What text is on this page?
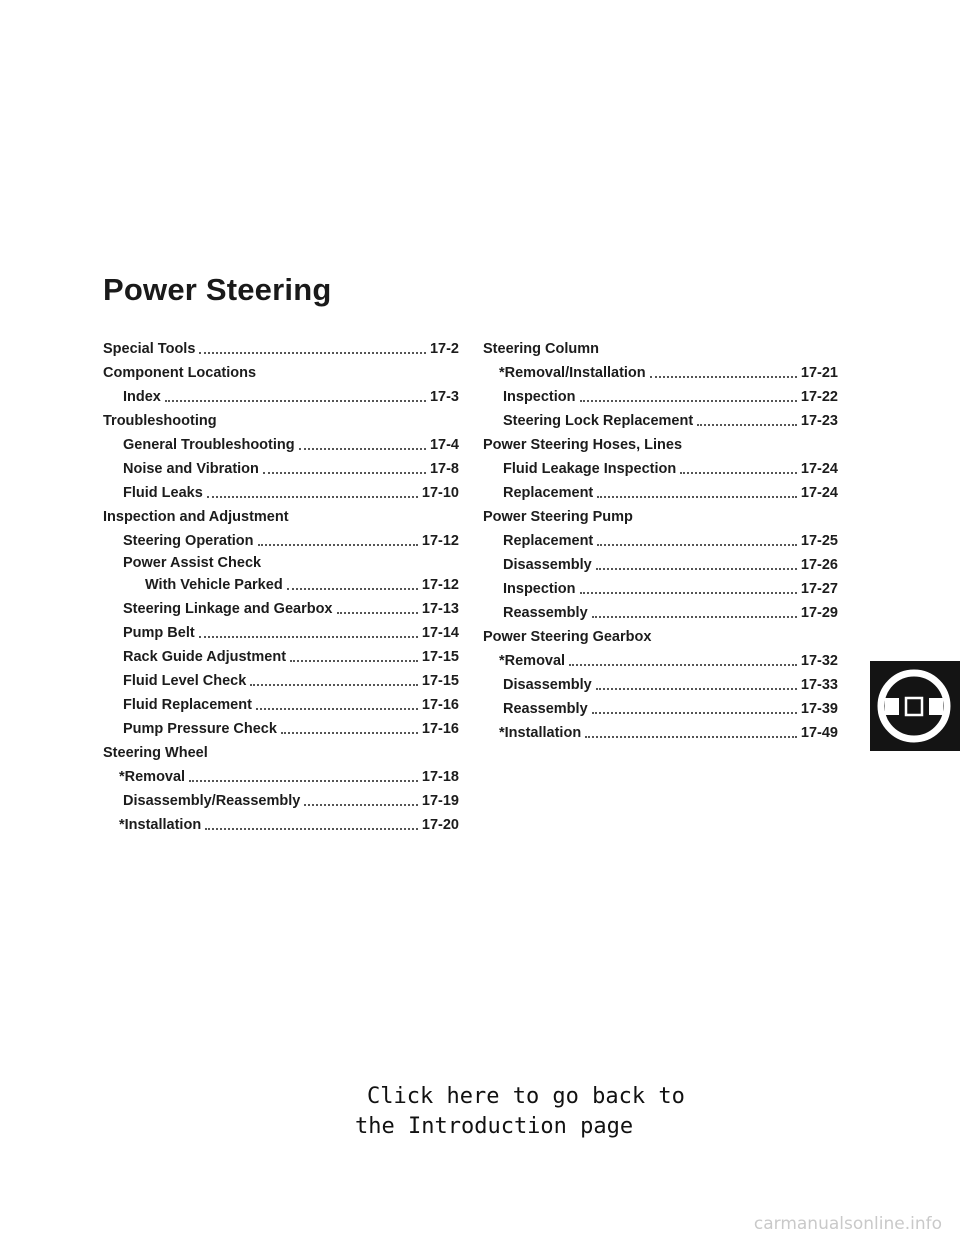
Power Steering
Special Tools	17-2
Component Locations
Index	17-3
Troubleshooting
General Troubleshooting	17-4
Noise and Vibration	17-8
Fluid Leaks	17-10
Inspection and Adjustment
Steering Operation	17-12
Power Assist Check
With Vehicle Parked	17-12
Steering Linkage and Gearbox	17-13
Pump Belt	17-14
Rack Guide Adjustment	17-15
Fluid Level Check	17-15
Fluid Replacement	17-16
Pump Pressure Check	17-16
Steering Wheel
*Removal	17-18
Disassembly/Reassembly	17-19
*Installation	17-20
Steering Column
*Removal/Installation	17-21
Inspection	17-22
Steering Lock Replacement	17-23
Power Steering Hoses, Lines
Fluid Leakage Inspection	17-24
Replacement	17-24
Power Steering Pump
Replacement	17-25
Disassembly	17-26
Inspection	17-27
Reassembly	17-29
Power Steering Gearbox
*Removal	17-32
Disassembly	17-33
Reassembly	17-39
*Installation	17-49
Click here to go back to
the Introduction page
carmanualsonline.info
